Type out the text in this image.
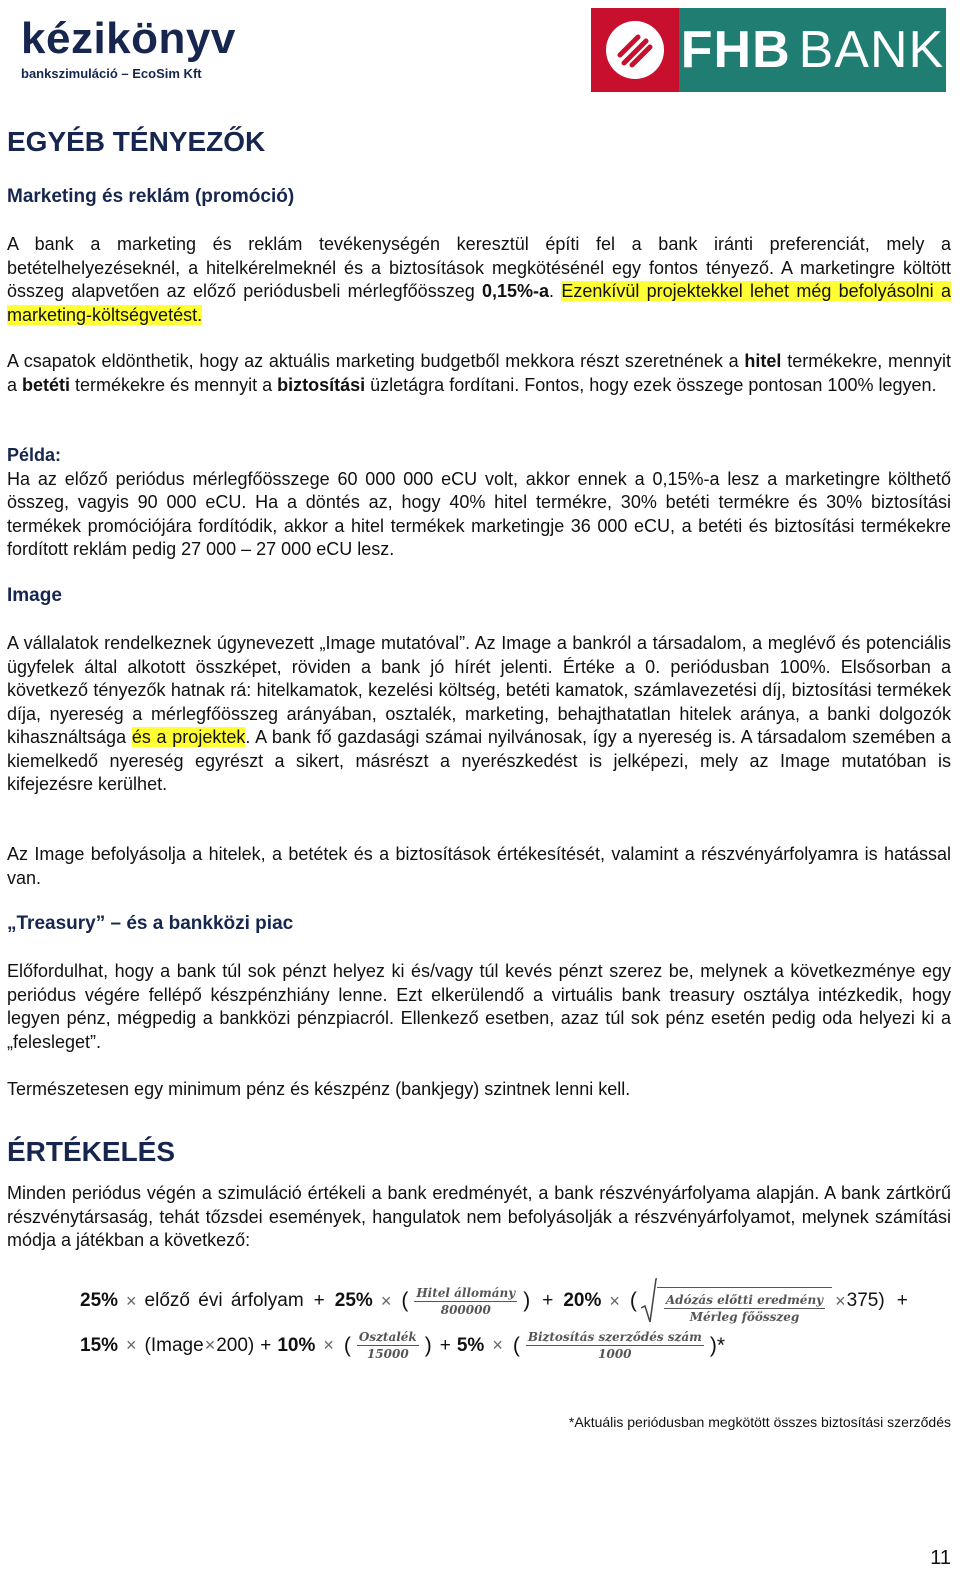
kézikönyv
bankszimuláció – EcoSim Kft	FHB BANK
EGYÉB TÉNYEZŐK
Marketing és reklám (promóció)
A bank a marketing és reklám tevékenységén keresztül építi fel a bank iránti preferenciát, mely a betételhelyezéseknél, a hitelkérelmeknél és a biztosítások megkötésénél egy fontos tényező. A marketingre költött összeg alapvetően az előző periódusbeli mérlegfőösszeg 0,15%-a. Ezenkívül projektekkel lehet még befolyásolni a marketing-költségvetést.
A csapatok eldönthetik, hogy az aktuális marketing budgetből mekkora részt szeretnének a hitel termékekre, mennyit a betéti termékekre és mennyit a biztosítási üzletágra fordítani. Fontos, hogy ezek összege pontosan 100% legyen.
Példa:
Ha az előző periódus mérlegfőösszege 60 000 000 eCU volt, akkor ennek a 0,15%-a lesz a marketingre költhető összeg, vagyis 90 000 eCU. Ha a döntés az, hogy 40% hitel termékre, 30% betéti termékre és 30% biztosítási termékek promóciójára fordítódik, akkor a hitel termékek marketingje 36 000 eCU, a betéti és biztosítási termékekre fordított reklám pedig 27 000 – 27 000 eCU lesz.
Image
A vállalatok rendelkeznek úgynevezett „Image mutatóval”. Az Image a bankról a társadalom, a meglévő és potenciális ügyfelek által alkotott összképet, röviden a bank jó hírét jelenti. Értéke a 0. periódusban 100%. Elsősorban a következő tényezők hatnak rá: hitelkamatok, kezelési költség, betéti kamatok, számlavezetési díj, biztosítási termékek díja, nyereség a mérlegfőösszeg arányában, osztalék, marketing, behajthatatlan hitelek aránya, a banki dolgozók kihasználtsága és a projektek. A bank fő gazdasági számai nyilvánosak, így a nyereség is. A társadalom szemében a kiemelkedő nyereség egyrészt a sikert, másrészt a nyerészkedést is jelképezi, mely az Image mutatóban is kifejezésre kerülhet.
Az Image befolyásolja a hitelek, a betétek és a biztosítások értékesítését, valamint a részvényárfolyamra is hatással van.
„Treasury” – és a bankközi piac
Előfordulhat, hogy a bank túl sok pénzt helyez ki és/vagy túl kevés pénzt szerez be, melynek a következménye egy periódus végére fellépő készpénzhiány lenne. Ezt elkerülendő a virtuális bank treasury osztálya intézkedik, hogy legyen pénz, mégpedig a bankközi pénzpiacról. Ellenkező esetben, azaz túl sok pénz esetén pedig oda helyezi ki a „felesleget”.
Természetesen egy minimum pénz és készpénz (bankjegy) szintnek lenni kell.
ÉRTÉKELÉS
Minden periódus végén a szimuláció értékeli a bank eredményét, a bank részvényárfolyama alapján. A bank zártkörű részvénytársaság, tehát tőzsdei események, hangulatok nem befolyásolják a részvényárfolyamot, melynek számítási módja a játékban a következő:
25% × előző évi árfolyam + 25% × ( $\frac{\text{Hitel állomány}}{800000}$ ) + 20% × ( $\frac{\text{Adózás előtti eredmény}}{\text{Mérleg főösszeg}} \times 375$) +
15% × (Image × 200) + 10% × ( $\frac{\text{Osztalék}}{15000}$ ) + 5% × ( $\frac{\text{Biztosítás szerződés szám}}{1000}$ )*
*Aktuális periódusban megkötött összes biztosítási szerződés
11
